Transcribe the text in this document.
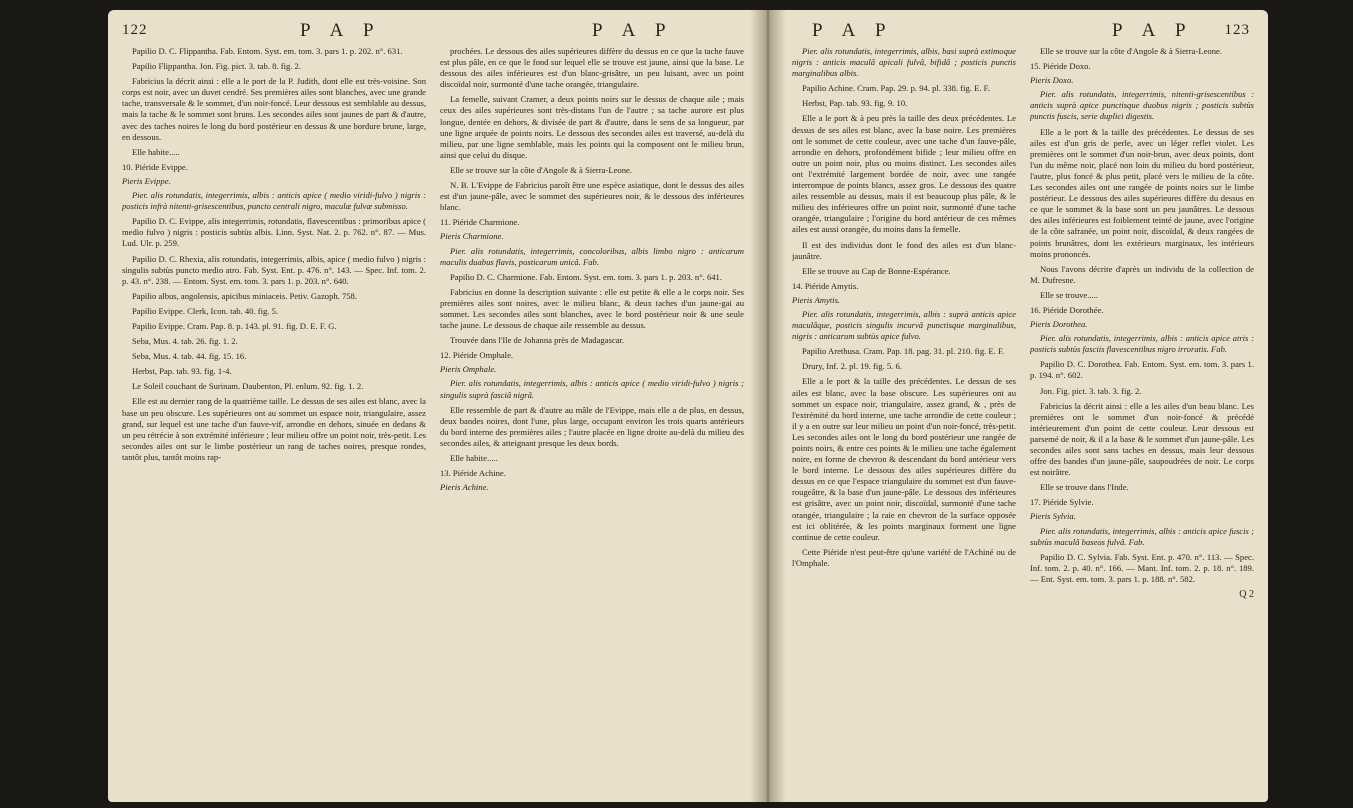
122	P A P	P A P

Papilio D. C. Flippantha. Fab. Entom. Syst. em. tom. 3. pars 1. p. 202. n°. 631.

Papilio Flippantha. Jon. Fig. pict. 3. tab. 8. fig. 2.

Fabricius la décrit ainsi : elle a le port de la P. Judith, dont elle est très-voisine. Son corps est noir, avec un duvet cendré. Ses premières ailes sont blanches, avec une grande tache, transversale & le sommet, d'un noir-foncé. Leur dessous est semblable au dessus, mais la tache & le sommet sont bruns. Les secondes ailes sont jaunes de part & d'autre, avec des taches noires le long du bord postérieur en dessus & une bordure brune, large, en dessous.

Elle habite.....

10. Piéride Evippe.

Pieris Evippe.

Pier. alis rotundatis, integerrimis, albis : anticis apice ( medio viridi-fulvo ) nigris : posticis infrà nitenti-grisescentibus, puncto centrali nigro, maculæ fulvæ submisso.

Papilio D. C. Evippe, alis integerrimis, rotundatis, flavescentibus : primoribus apice ( medio fulvo ) nigris : posticis subtùs albis. Linn. Syst. Nat. 2. p. 762. n°. 87. — Mus. Lud. Ulr. p. 259.

Papilio D. C. Rhexia, alis rotundatis, integerrimis, albis, apice ( medio fulvo ) nigris : singulis subtùs puncto medio atro. Fab. Syst. Ent. p. 476. n°. 143. — Spec. Inf. tom. 2. p. 43. n°. 238. — Entom. Syst. em. tom. 3. pars 1. p. 203. n°. 640.

Papilio albus, angolensis, apicibus miniaceis. Petiv. Gazoph. 758.

Papilio Evippe. Clerk, Icon. tab. 40. fig. 5.

Papilio Evippe. Cram. Pap. 8. p. 143. pl. 91. fig. D. E. F. G.

Seba, Mus. 4. tab. 26. fig. 1. 2.

Seba, Mus. 4. tab. 44. fig. 15. 16.

Herbst, Pap. tab. 93. fig. 1-4.

Le Soleil couchant de Surinam. Daubenton, Pl. enlum. 92. fig. 1. 2.

Elle est au dernier rang de la quatrième taille. Le dessus de ses ailes est blanc, avec la base un peu obscure. Les supérieures ont au sommet un espace noir, triangulaire, assez grand, sur lequel est une tache d'un fauve-vif, arrondie en dehors, sinuée en dedans & un peu rétrécie à son extrémité inférieure ; leur milieu offre un point noir, très-petit. Les secondes ailes ont sur le limbe postérieur un rang de taches noires, presque rondes, tantôt plus, tantôt moins rap-

prochées. Le dessous des ailes supérieures diffère du dessus en ce que la tache fauve est plus pâle, en ce que le fond sur lequel elle se trouve est jaune, ainsi que la base. Le dessous des ailes inférieures est d'un blanc-grisâtre, un peu luisant, avec un point discoïdal noir, surmonté d'une tache orangée, triangulaire.

La femelle, suivant Cramer, a deux points noirs sur le dessus de chaque aile ; mais ceux des ailes supérieures sont très-distans l'un de l'autre ; sa tache aurore est plus longue, dentée en dehors, & divisée de part & d'autre, dans le sens de sa longueur, par une ligne arquée de points noirs. Le dessous des secondes ailes est traversé, au-delà du milieu, par une ligne semblable, mais les points qui la composent ont le milieu brun, ainsi que celui du disque.

Elle se trouve sur la côte d'Angole & à Sierra-Leone.

N. B. L'Evippe de Fabricius paroît être une espèce asiatique, dont le dessus des ailes est d'un jaune-pâle, avec le sommet des supérieures noir, & le dessous des inférieures blanc.

11. Piéride Charmione.

Pieris Charmione.

Pier. alis rotundatis, integerrimis, concoloribus, albis limbo nigro : anticarum maculis duabus flavis, posticarum unicâ. Fab.

Papilio D. C. Charmione. Fab. Entom. Syst. em. tom. 3. pars 1. p. 203. n°. 641.

Fabricius en donne la description suivante : elle est petite & elle a le corps noir. Ses premières ailes sont noires, avec le milieu blanc, & deux taches d'un jaune-gai au sommet. Les secondes ailes sont blanches, avec le bord postérieur noir & une seule tache jaune. Le dessous de chaque aile ressemble au dessus.

Trouvée dans l'Ile de Johanna près de Madagascar.

12. Piéride Omphale.

Pieris Omphale.

Pier. alis rotundatis, integerrimis, albis : anticis apice ( medio viridi-fulvo ) nigris ; singulis suprà fasciâ nigrâ.

Elle ressemble de part & d'autre au mâle de l'Evippe, mais elle a de plus, en dessus, deux bandes noires, dont l'une, plus large, occupant environ les trois quarts antérieurs du bord interne des premières ailes ; l'autre placée en ligne droite au-delà du milieu des secondes ailes, & atteignant presque les deux bords.

Elle habite.....

13. Piéride Achine.

Pieris Achine.

P A P	P A P 123

Pier. alis rotundatis, integerrimis, albis, basi suprà extimoque nigris : anticis maculâ apicali fulvâ, bifidâ ; posticis punctis marginalibus albis.

Papilio Achine. Cram. Pap. 29. p. 94. pl. 338. fig. E. F.

Herbst, Pap. tab. 93. fig. 9. 10.

Elle a le port & à peu près la taille des deux précédentes. Le dessus de ses ailes est blanc, avec la base noire. Les premières ont le sommet de cette couleur, avec une tache d'un fauve-pâle, arrondie en dehors, profondément bifide ; leur milieu offre en outre un point noir, plus ou moins distinct. Les secondes ailes ont l'extrémité largement bordée de noir, avec une rangée interrompue de points blancs, assez gros. Le dessous des quatre ailes ressemble au dessus, mais il est beaucoup plus pâle, & le milieu des inférieures offre un point noir, surmonté d'une tache orangée, triangulaire ; l'origine du bord antérieur de ces mêmes ailes est aussi orangée, du moins dans la femelle.

Il est des individus dont le fond des ailes est d'un blanc-jaunâtre.

Elle se trouve au Cap de Bonne-Espérance.

14. Piéride Amytis.

Pieris Amytis.

Pier. alis rotundatis, integerrimis, albis : suprà anticis apice maculâque, posticis singulis incurvâ punctisque marginalibus, nigris : anticarum subtùs apice fulvo.

Papilio Arethusa. Cram. Pap. 18. pag. 31. pl. 210. fig. E. F.

Drury, Inf. 2. pl. 19. fig. 5. 6.

Elle a le port & la taille des précédentes. Le dessus de ses ailes est blanc, avec la base obscure. Les supérieures ont au sommet un espace noir, triangulaire, assez grand, & , près de l'extrémité du bord interne, une tache arrondie de cette couleur ; il y a en outre sur leur milieu un point d'un noir-foncé, très-petit. Les secondes ailes ont le long du bord postérieur une rangée de points noirs, & entre ces points & le milieu une tache également noire, en forme de chevron & descendant du bord antérieur vers le bord interne. Le dessous des ailes supérieures diffère du dessus en ce que l'espace triangulaire du sommet est d'un fauve-rougeâtre, & la base d'un jaune-pâle. Le dessous des inférieures est grisâtre, avec un point noir, discoïdal, surmonté d'une tache orangée, triangulaire ; la raie en chevron de la surface opposée est ici oblitérée, & les points marginaux forment une ligne continue de cette couleur.

Cette Piéride n'est peut-être qu'une variété de l'Achiné ou de l'Omphale.

Elle se trouve sur la côte d'Angole & à Sierra-Leone.

15. Piéride Doxo.

Pieris Doxo.

Pier. alis rotundatis, integerrimis, nitenti-grisescentibus : anticis suprà apice punctisque duobus nigris ; posticis subtùs punctis fuscis, serie duplici digestis.

Elle a le port & la taille des précédentes. Le dessus de ses ailes est d'un gris de perle, avec un léger reflet violet. Les premières ont le sommet d'un noir-brun, avec deux points, dont l'un du même noir, placé non loin du milieu du bord postérieur, l'autre, plus foncé & plus petit, placé vers le milieu de la côte. Les secondes ailes ont une rangée de points noirs sur le limbe postérieur. Le dessous des ailes supérieures diffère du dessus en ce que le sommet & la base sont un peu jaunâtres. Le dessous des ailes inférieures est foiblement teinté de jaune, avec l'origine de la côte safranée, un point noir, discoïdal, & deux rangées de points brunâtres, dont les extérieurs marginaux, les intérieurs moins prononcés.

Nous l'avons décrite d'après un individu de la collection de M. Dufresne.

Elle se trouve.....

16. Piéride Dorothée.

Pieris Dorothea.

Pier. alis rotundatis, integerrimis, albis : anticis apice atris : posticis subtùs fasciis flavescentibus nigro irroratis. Fab.

Papilio D. C. Dorothea. Fab. Entom. Syst. em. tom. 3. pars 1. p. 194. n°. 602.

Jon. Fig. pict. 3. tab. 3. fig. 2.

Fabricius la décrit ainsi : elle a les ailes d'un beau blanc. Les premières ont le sommet d'un noir-foncé & précédé intérieurement d'un point de cette couleur. Leur dessous est parsemé de noir, & il a la base & le sommet d'un jaune-pâle. Les secondes ailes sont sans taches en dessus, mais leur dessous offre des bandes d'un jaune-pâle, saupoudrées de noir. Le corps est noirâtre.

Elle se trouve dans l'Inde.

17. Piéride Sylvie.

Pieris Sylvia.

Pier. alis rotundatis, integerrimis, albis : anticis apice fuscis ; subtùs maculâ baseos fulvâ. Fab.

Papilio D. C. Sylvia. Fab. Syst. Ent. p. 470. n°. 113. — Spec. Inf. tom. 2. p. 40. n°. 166. — Mant. Inf. tom. 2. p. 18. n°. 189. — Ent. Syst. em. tom. 3. pars 1. p. 188. n°. 582.

Q 2
